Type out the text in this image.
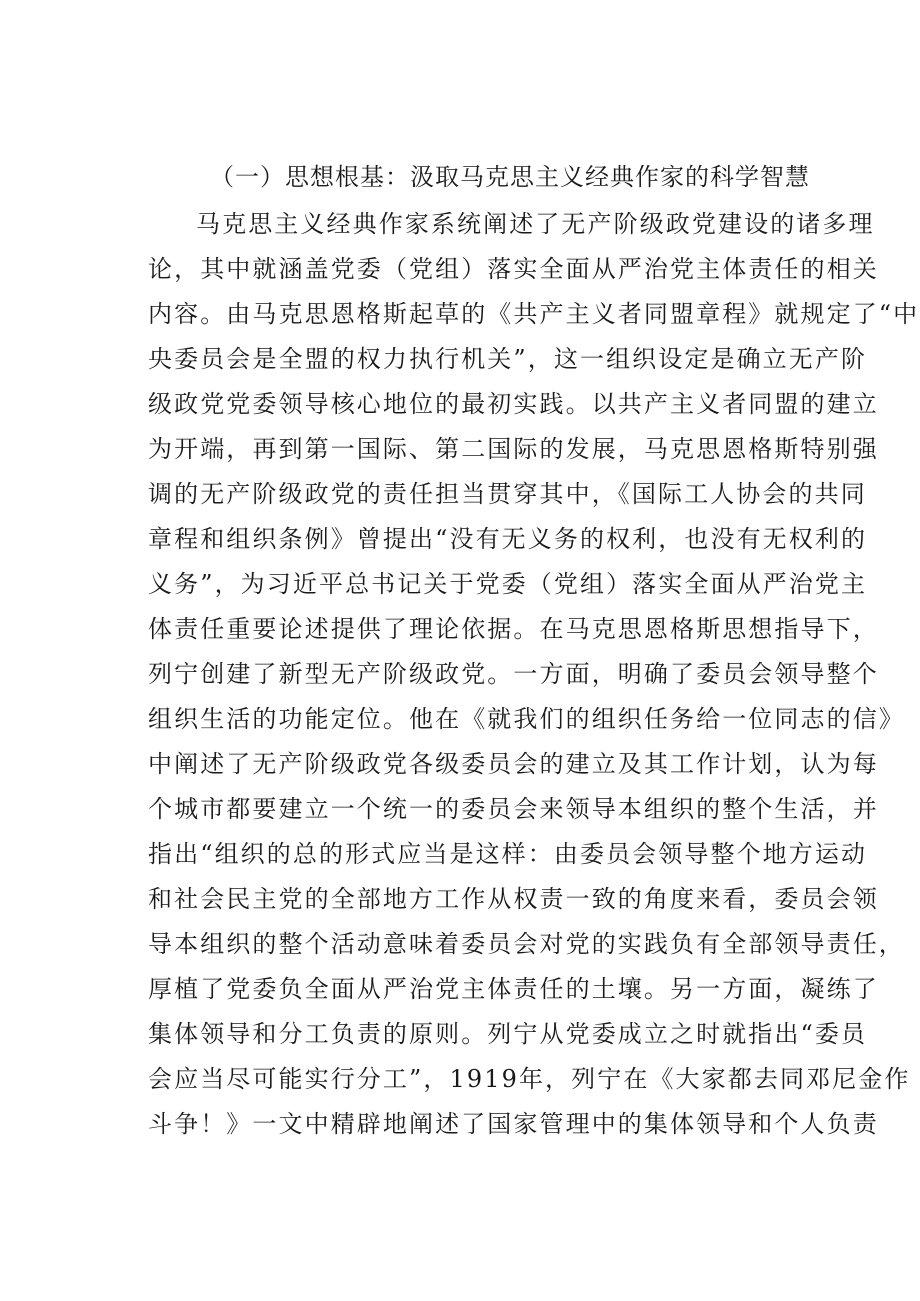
（一）思想根基：汲取马克思主义经典作家的科学智慧
马克思主义经典作家系统阐述了无产阶级政党建设的诸多理
论，其中就涵盖党委（党组）落实全面从严治党主体责任的相关
内容。由马克思恩格斯起草的《共产主义者同盟章程》就规定了“中
央委员会是全盟的权力执行机关”，这一组织设定是确立无产阶
级政党党委领导核心地位的最初实践。以共产主义者同盟的建立
为开端，再到第一国际、第二国际的发展，马克思恩格斯特别强
调的无产阶级政党的责任担当贯穿其中，《国际工人协会的共同
章程和组织条例》曾提出“没有无义务的权利，也没有无权利的
义务”，为习近平总书记关于党委（党组）落实全面从严治党主
体责任重要论述提供了理论依据。在马克思恩格斯思想指导下，
列宁创建了新型无产阶级政党。一方面，明确了委员会领导整个
组织生活的功能定位。他在《就我们的组织任务给一位同志的信》
中阐述了无产阶级政党各级委员会的建立及其工作计划，认为每
个城市都要建立一个统一的委员会来领导本组织的整个生活，并
指出“组织的总的形式应当是这样：由委员会领导整个地方运动
和社会民主党的全部地方工作从权责一致的角度来看，委员会领
导本组织的整个活动意味着委员会对党的实践负有全部领导责任，
厚植了党委负全面从严治党主体责任的土壤。另一方面，凝练了
集体领导和分工负责的原则。列宁从党委成立之时就指出“委员
会应当尽可能实行分工”，1919年，列宁在《大家都去同邓尼金作
斗争！》一文中精辟地阐述了国家管理中的集体领导和个人负责
